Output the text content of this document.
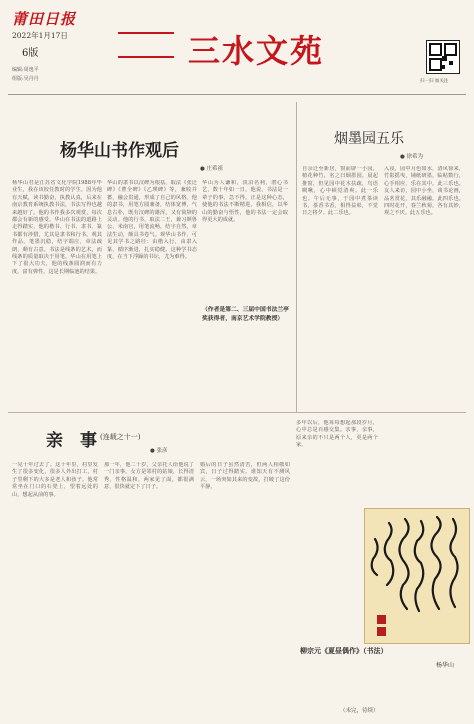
莆田日报
2022年1月17日
6版
编辑:周逸平
组版:吴丹丹
三水文苑
扫一扫 加关注
杨华山书作观后
● 庄希祖
杨华山君是江苏省文化学院1988年毕业生，我在该校任教时的学生。因为他有天赋，读书勤奋，执教认真，后来在南京教育系统执教书法，书法写得也越来越好了。他的书作我多次观赏，每次都会有新的感受。华山在书法的道路上走得踏实，他的楷书、行书、隶书、篆书都有涉猎，尤其是隶书和行书。观其作品，笔墨沉稳，结字端庄，章法疏朗，颇有古意。书法是线条的艺术，而线条的质量取决于用笔。华山在用笔上下了很大功夫，他的线条圆润而有力度，富有弹性，这是长期临池的结果。
华山的隶书以汉碑为根基，取法《张迁碑》《曹全碑》《乙瑛碑》等，兼收并蓄，融会贯通，形成了自己的风格。他的隶书，用笔方圆兼备，结体宽博，气息古朴，既有汉碑的雄浑，又有简牍的灵动。他的行书，取法二王，兼习颜鲁公、米南宫，用笔流畅，结字自然，章法生动，颇具书卷气。观华山书作，可见其学书之路径：由楷入行，由隶入篆，循序渐进，扎实稳健。这种学书态度，在当下浮躁的书坛，尤为难得。
华山为人谦和，淡泊名利，潜心书艺，数十年如一日。他说，书法是一辈子的事，急不得。正是这种心态，使他的书法不断精进。我相信，以华山的勤奋与悟性，他的书法一定会取得更大的成就。
（作者是第二、三届中国书法兰亭奖获得者，南京艺术学院教授）
烟墨园五乐
● 徐希为
自余迁至新居，窗前辟一小园，植花种竹，名之曰烟墨园。晨起推窗，但见园中花木扶疏，鸟语啁啾，心中顿觉清爽。此一乐也。午后无事，于园中煮茶读书，茶香书香，相得益彰，不觉日之将夕。此二乐也。
入夜，园中月色如水，清风徐来，竹影摇曳，铺纸研墨，临帖数行，心手相应，乐在其中。此三乐也。友人来访，园中小坐，谈书论画，品茗赏花，其乐融融。此四乐也。四时花开，春兰秋菊，各有其妙，观之不厌。此五乐也。
亲　事 (连载之十一)
● 张彦
一晃十年过去了。这十年里，村里发生了很多变化，很多人外出打工，村子里剩下的大多是老人和孩子。他常常坐在门口的石凳上，望着远处的山，想起从前的事。
那一年，他二十岁，父亲托人给他说了一门亲事。女方是邻村的姑娘，长得清秀，性格温和。两家见了面，都很满意，很快就定下了日子。
婚后的日子虽然清苦，但两人相敬如宾，日子过得踏实。谁知天有不测风云，一场突如其来的变故，打破了这份平静。
多年以后，他每每想起那段岁月，心中总是百感交集。亲事，亲事，原来亲的不只是两个人，更是两个家。
（未完，待续）
柳宗元《夏昼偶作》（书法）
杨华山
